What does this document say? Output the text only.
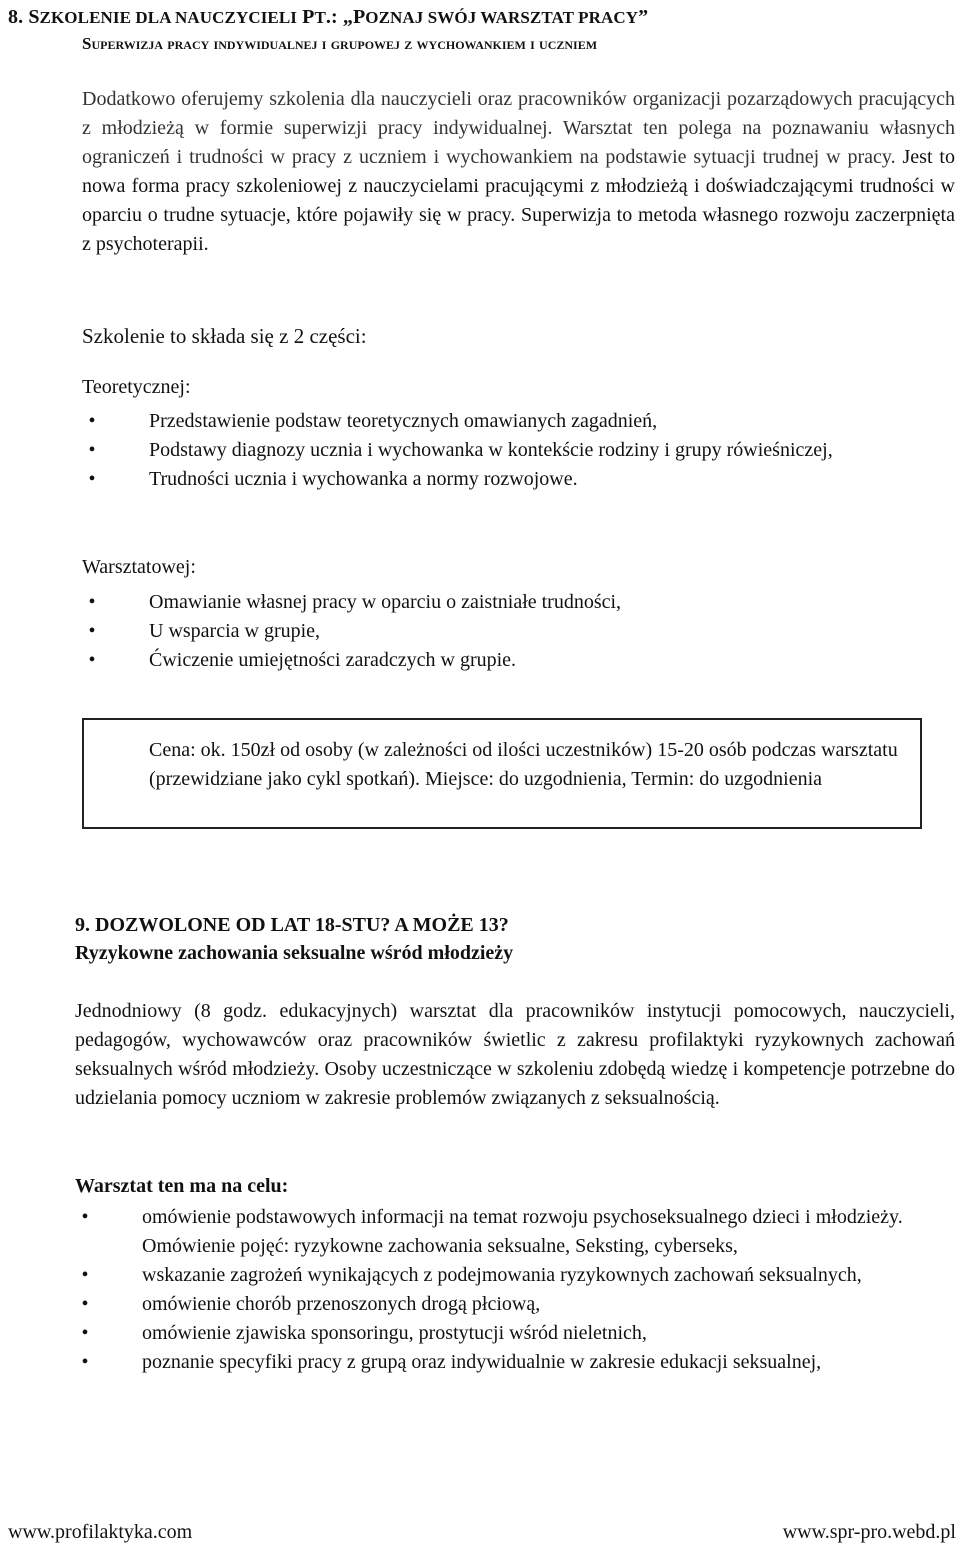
8. SZKOLENIE DLA NAUCZYCIELI PT.: „POZNAJ SWÓJ WARSZTAT PRACY”
Superwizja pracy indywidualnej i grupowej z wychowankiem i uczniem

Dodatkowo oferujemy szkolenia dla nauczycieli oraz pracowników organizacji pozarządowych pracujących z młodzieżą w formie superwizji pracy indywidualnej. Warsztat ten polega na poznawaniu własnych ograniczeń i trudności w pracy z uczniem i wychowankiem na podstawie sytuacji trudnej w pracy. Jest to nowa forma pracy szkoleniowej z nauczycielami pracującymi z młodzieżą i doświadczającymi trudności w oparciu o trudne sytuacje, które pojawiły się w pracy. Superwizja to metoda własnego rozwoju zaczerpnięta z psychoterapii.

Szkolenie to składa się z 2 części:
Teoretycznej:
•	Przedstawienie podstaw teoretycznych omawianych zagadnień,
•	Podstawy diagnozy ucznia i wychowanka w kontekście rodziny i grupy rówieśniczej,
•	Trudności ucznia i wychowanka a normy rozwojowe.
Warsztatowej:
•	Omawianie własnej pracy w oparciu o zaistniałe trudności,
•	U wsparcia w grupie,
•	Ćwiczenie umiejętności zaradczych w grupie.
Cena: ok. 150zł od osoby (w zależności od ilości uczestników) 15-20 osób podczas warsztatu (przewidziane jako cykl spotkań). Miejsce: do uzgodnienia, Termin: do uzgodnienia
9. DOZWOLONE OD LAT 18-STU? A MOŻE 13?
Ryzykowne zachowania seksualne wśród młodzieży

Jednodniowy (8 godz. edukacyjnych) warsztat dla pracowników instytucji pomocowych, nauczycieli, pedagogów, wychowawców oraz pracowników świetlic z zakresu profilaktyki ryzykownych zachowań seksualnych wśród młodzieży. Osoby uczestniczące w szkoleniu zdobędą wiedzę i kompetencje potrzebne do udzielania pomocy uczniom w zakresie problemów związanych z seksualnością.

Warsztat ten ma na celu:
•	omówienie podstawowych informacji na temat rozwoju psychoseksualnego dzieci i młodzieży. Omówienie pojęć: ryzykowne zachowania seksualne, Seksting, cyberseks,
•	wskazanie zagrożeń wynikających z podejmowania ryzykownych zachowań seksualnych,
•	omówienie chorób przenoszonych drogą płciową,
•	omówienie zjawiska sponsoringu, prostytucji wśród nieletnich,
•	poznanie specyfiki pracy z grupą oraz indywidualnie w zakresie edukacji seksualnej,
www.profilaktyka.com	www.spr-pro.webd.pl
